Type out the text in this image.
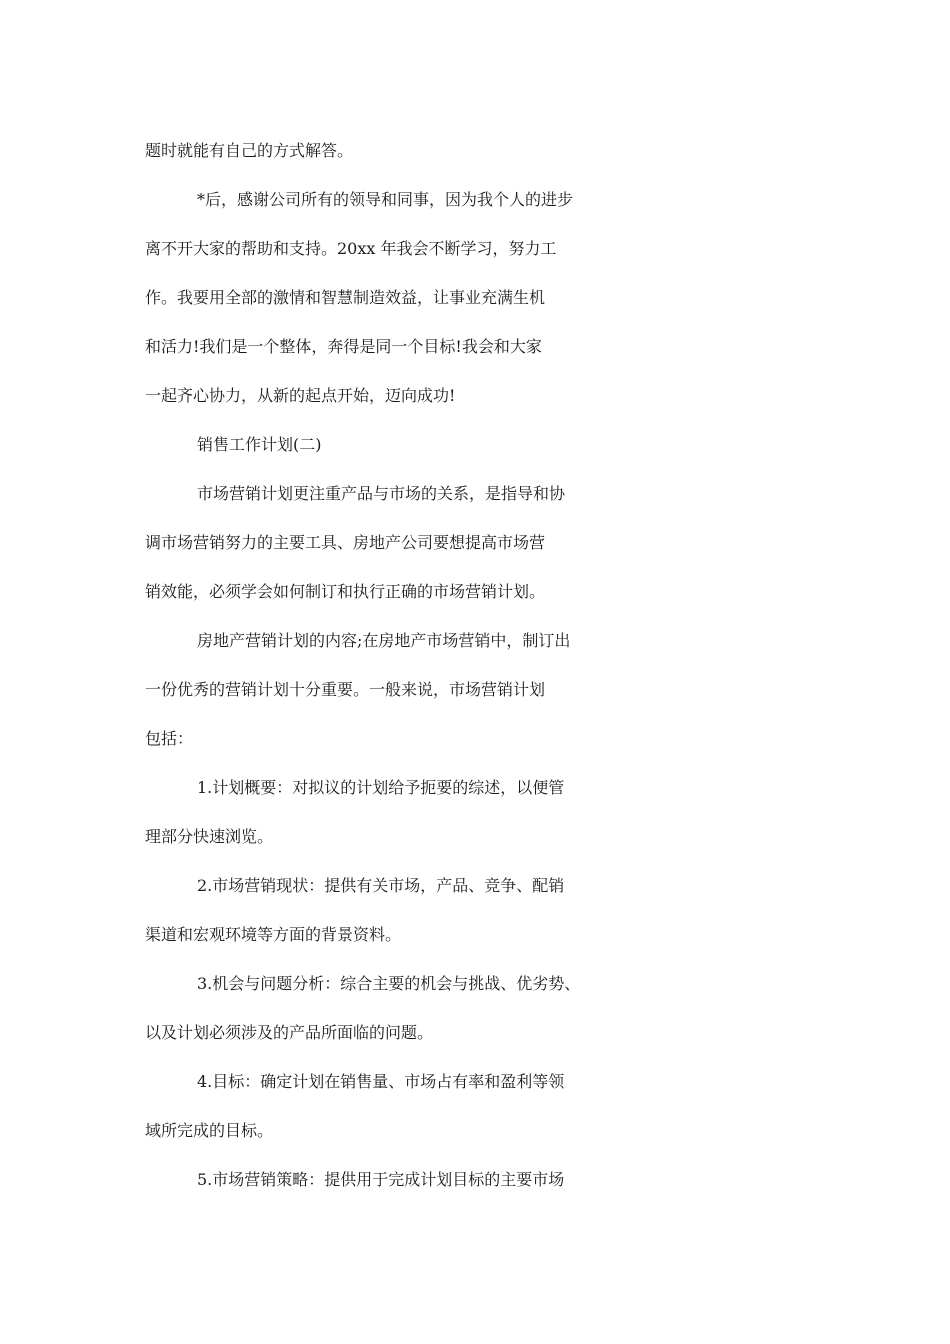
题时就能有自己的方式解答。
*后，感谢公司所有的领导和同事，因为我个人的进步
离不开大家的帮助和支持。20xx 年我会不断学习，努力工
作。我要用全部的激情和智慧制造效益，让事业充满生机
和活力!我们是一个整体，奔得是同一个目标!我会和大家
一起齐心协力，从新的起点开始，迈向成功!
销售工作计划(二)
市场营销计划更注重产品与市场的关系，是指导和协
调市场营销努力的主要工具、房地产公司要想提高市场营
销效能，必须学会如何制订和执行正确的市场营销计划。
房地产营销计划的内容;在房地产市场营销中，制订出
一份优秀的营销计划十分重要。一般来说，市场营销计划
包括：
1.计划概要：对拟议的计划给予扼要的综述，以便管
理部分快速浏览。
2.市场营销现状：提供有关市场，产品、竞争、配销
渠道和宏观环境等方面的背景资料。
3.机会与问题分析：综合主要的机会与挑战、优劣势、
以及计划必须涉及的产品所面临的问题。
4.目标：确定计划在销售量、市场占有率和盈利等领
域所完成的目标。
5.市场营销策略：提供用于完成计划目标的主要市场
